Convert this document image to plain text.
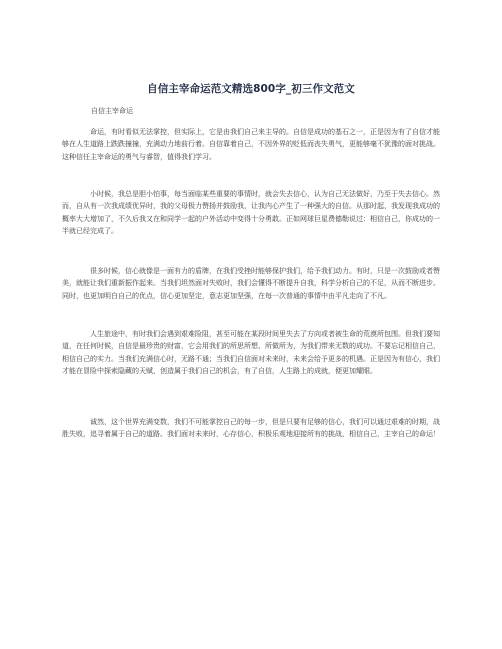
自信主宰命运范文精选800字_初三作文范文
自信主宰命运

命运，有时看似无法掌控，但实际上，它是由我们自己来主导的。自信是成功的基石之一，正是因为有了自信才能够在人生道路上跌跌撞撞，充满动力地前行着。自信靠着自己，不因外界的贬低而丧失勇气，更能够毫不犹豫的面对挑战。这种信任主宰命运的勇气与睿智，值得我们学习。

小时候，我总是胆小怕事，每当面临某些重要的事情时，就会失去信心，认为自己无法做好，乃至于失去信心。然而，自从有一次我成绩优异时，我的父母极力赞扬并鼓励我，让我内心产生了一种强大的自信。从那时起，我发现我成功的概率大大增加了，不久后我又在和同学一起的户外活动中变得十分勇敢。正如网球巨星费德勒说过：相信自己，你成功的一半就已经完成了。

很多时候，信心就像是一面有力的盾牌，在我们受挫时能够保护我们，给予我们动力。有时，只是一次鼓励或者赞美，就能让我们重新振作起来。当我们坦然面对失败时，我们会懂得不断提升自我，科学分析自己的不足，从而不断进步。同时，也更加明白自己的优点，信心更加坚定，意志更加坚强，在每一次普通的事情中由平凡走向了不凡。

人生旅途中，有时我们会遇到艰难险阻，甚至可能在某段时间里失去了方向或者被生命的荒漠所包围。但我们要知道，在任何时候，自信是最珍贵的财富，它会用我们的所思所想、所做所为，为我们带来无数的成功。不要忘记相信自己，相信自己的实力。当我们充满信心时，无路不通；当我们自信面对未来时，未来会给予更多的机遇。正是因为有信心，我们才能在冒险中探索隐藏的天赋，创造属于我们自己的机会，有了自信，人生路上的成就，便更加耀眼。

诚然，这个世界充满变数，我们不可能掌控自己的每一步，但是只要有足够的信心，我们可以通过艰难的时期，战胜失败，追寻着属于自己的道路。我们面对未来时，心存信心，积极乐观地迎接所有的挑战，相信自己，主宰自己的命运！
